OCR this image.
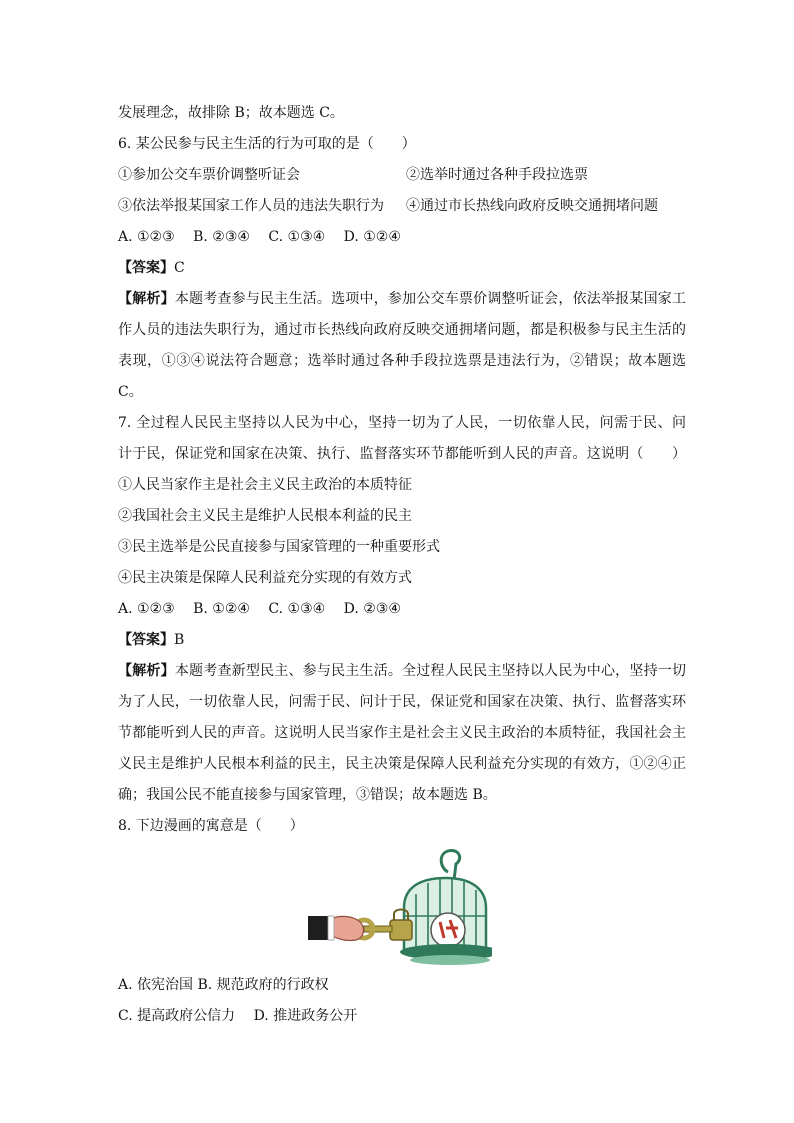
发展理念，故排除 B；故本题选 C。
6. 某公民参与民主生活的行为可取的是（　　）
①参加公交车票价调整听证会	②选举时通过各种手段拉选票
③依法举报某国家工作人员的违法失职行为	④通过市长热线向政府反映交通拥堵问题
A. ①②③　 B. ②③④　 C. ①③④　 D. ①②④
【答案】C
【解析】本题考查参与民主生活。选项中，参加公交车票价调整听证会，依法举报某国家工
作人员的违法失职行为，通过市长热线向政府反映交通拥堵问题，都是积极参与民主生活的
表现，①③④说法符合题意；选举时通过各种手段拉选票是违法行为，②错误；故本题选
C。
7. 全过程人民民主坚持以人民为中心，坚持一切为了人民，一切依靠人民，问需于民、问
计于民，保证党和国家在决策、执行、监督落实环节都能听到人民的声音。这说明（　　）
①人民当家作主是社会主义民主政治的本质特征
②我国社会主义民主是维护人民根本利益的民主
③民主选举是公民直接参与国家管理的一种重要形式
④民主决策是保障人民利益充分实现的有效方式
A. ①②③　 B. ①②④　 C. ①③④　 D. ②③④
【答案】B
【解析】本题考查新型民主、参与民主生活。全过程人民民主坚持以人民为中心，坚持一切
为了人民，一切依靠人民，问需于民、问计于民，保证党和国家在决策、执行、监督落实环
节都能听到人民的声音。这说明人民当家作主是社会主义民主政治的本质特征，我国社会主
义民主是维护人民根本利益的民主，民主决策是保障人民利益充分实现的有效方，①②④正
确；我国公民不能直接参与国家管理，③错误；故本题选 B。
8. 下边漫画的寓意是（　　）
A. 依宪治国 B. 规范政府的行政权
C. 提高政府公信力　 D. 推进政务公开
